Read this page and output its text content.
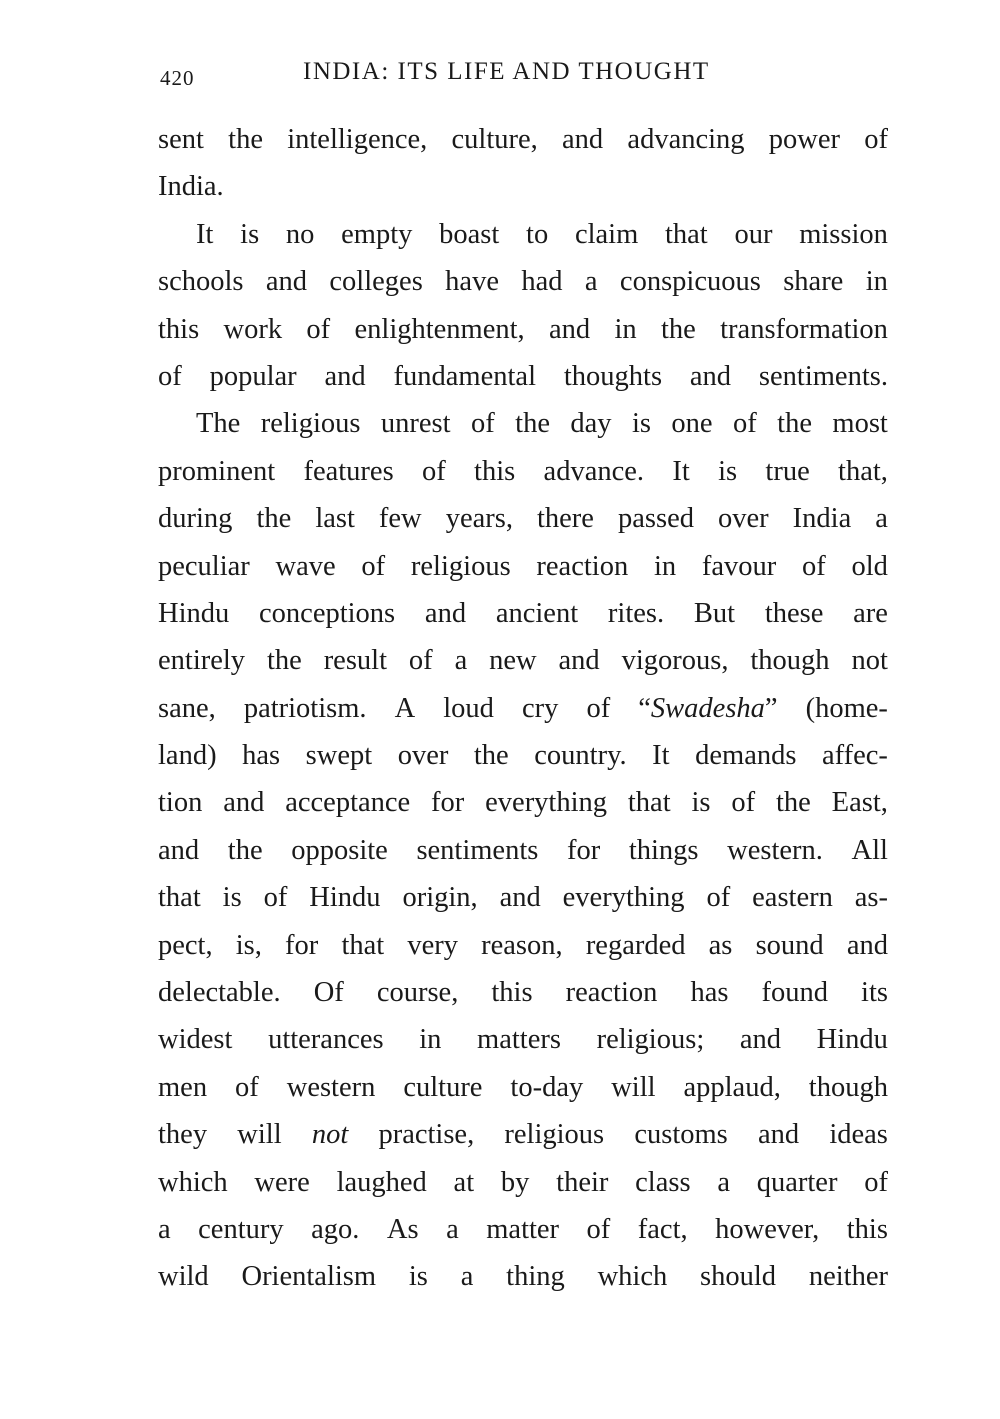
420	INDIA: ITS LIFE AND THOUGHT
sent the intelligence, culture, and advancing power of
India.
It is no empty boast to claim that our mission
schools and colleges have had a conspicuous share in
this work of enlightenment, and in the transformation
of popular and fundamental thoughts and sentiments.
The religious unrest of the day is one of the most
prominent features of this advance. It is true that,
during the last few years, there passed over India a
peculiar wave of religious reaction in favour of old
Hindu conceptions and ancient rites. But these are
entirely the result of a new and vigorous, though not
sane, patriotism. A loud cry of “Swadesha” (home-
land) has swept over the country. It demands affec-
tion and acceptance for everything that is of the East,
and the opposite sentiments for things western. All
that is of Hindu origin, and everything of eastern as-
pect, is, for that very reason, regarded as sound and
delectable. Of course, this reaction has found its
widest utterances in matters religious; and Hindu
men of western culture to-day will applaud, though
they will not practise, religious customs and ideas
which were laughed at by their class a quarter of
a century ago. As a matter of fact, however, this
wild Orientalism is a thing which should neither
